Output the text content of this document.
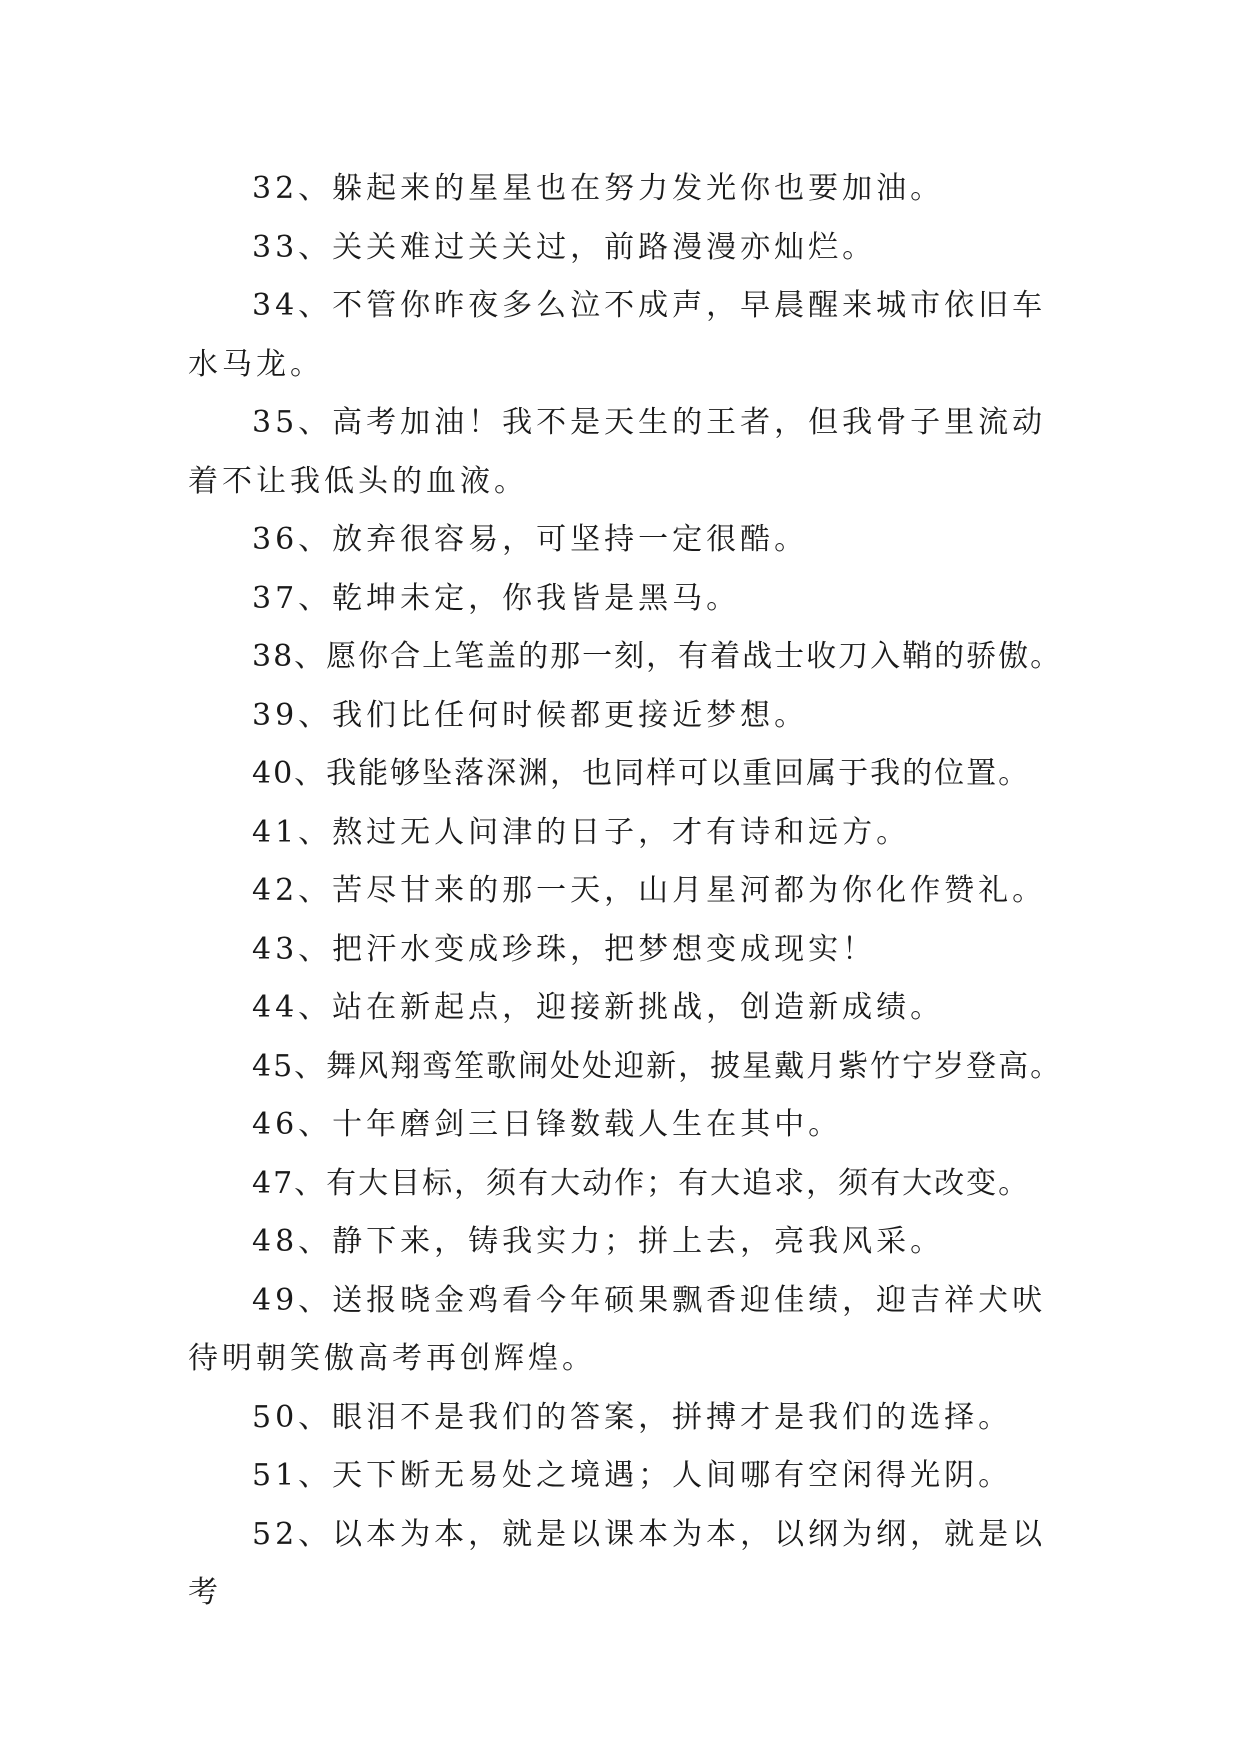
32、躲起来的星星也在努力发光你也要加油。

33、关关难过关关过，前路漫漫亦灿烂。

34、不管你昨夜多么泣不成声，早晨醒来城市依旧车水马龙。

35、高考加油！我不是天生的王者，但我骨子里流动着不让我低头的血液。

36、放弃很容易，可坚持一定很酷。

37、乾坤未定，你我皆是黑马。

38、愿你合上笔盖的那一刻，有着战士收刀入鞘的骄傲。

39、我们比任何时候都更接近梦想。

40、我能够坠落深渊，也同样可以重回属于我的位置。

41、熬过无人问津的日子，才有诗和远方。

42、苦尽甘来的那一天，山月星河都为你化作赞礼。

43、把汗水变成珍珠，把梦想变成现实！

44、站在新起点，迎接新挑战，创造新成绩。

45、舞风翔鸾笙歌闹处处迎新，披星戴月紫竹宁岁登高。

46、十年磨剑三日锋数载人生在其中。

47、有大目标，须有大动作；有大追求，须有大改变。

48、静下来，铸我实力；拼上去，亮我风采。

49、送报晓金鸡看今年硕果飘香迎佳绩，迎吉祥犬吠待明朝笑傲高考再创辉煌。

50、眼泪不是我们的答案，拼搏才是我们的选择。

51、天下断无易处之境遇；人间哪有空闲得光阴。

52、以本为本，就是以课本为本，以纲为纲，就是以考
